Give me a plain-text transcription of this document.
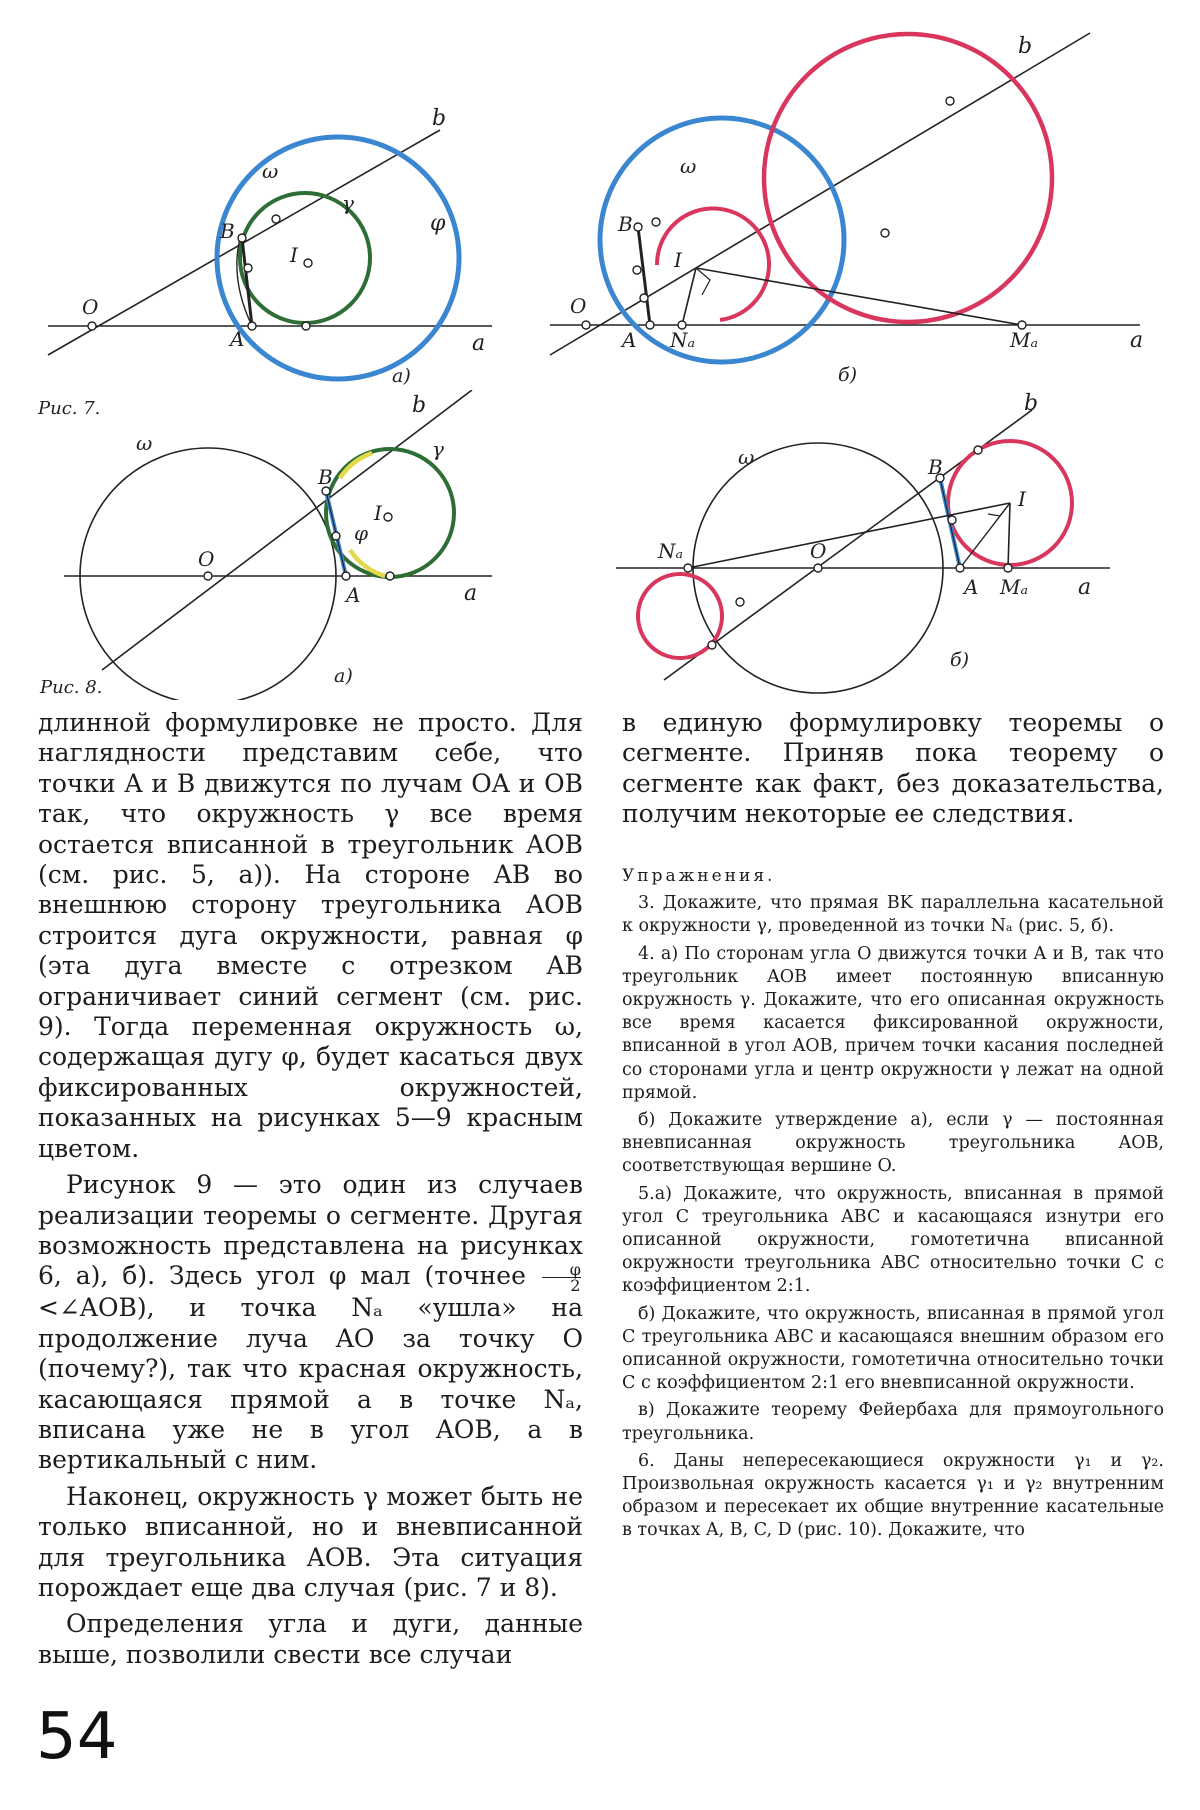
b
ω
γ
φ
B
I
O
A	a
а)
Рис. 7.
b
ω
B
I
O
A Nₐ	Mₐ	a
б)
b
ω	γ
φ
B
I
O
A	a
а)
Рис. 8.
b
ω	B
I
O
Nₐ
A Mₐ a
б)

длинной формулировке не просто. Для наглядности представим себе, что точки A и B движутся по лучам OA и OB так, что окружность γ все время остается вписанной в треугольник AOB (см. рис. 5, а)). На стороне AB во внешнюю сторону треугольника AOB строится дуга окружности, равная φ (эта дуга вместе с отрезком AB ограничивает синий сегмент (см. рис. 9). Тогда переменная окружность ω, содержащая дугу φ, будет касаться двух фиксированных окружностей, показанных на рисунках 5—9 красным цветом.

Рисунок 9 — это один из случаев реализации теоремы о сегменте. Другая возможность представлена на рисунках 6, а), б). Здесь угол φ мал (точнее $\frac{\varphi}{2}$
<∠AOB), и точка Nₐ «ушла» на продолжение луча AO за точку O (почему?), так что красная окружность, касающаяся прямой a в точке Nₐ, вписана уже не в угол AOB, а в вертикальный с ним.

Наконец, окружность γ может быть не только вписанной, но и вневписанной для треугольника AOB. Эта ситуация порождает еще два случая (рис. 7 и 8).

Определения угла и дуги, данные выше, позволили свести все случаи

в единую формулировку теоремы о сегменте. Приняв пока теорему о сегменте как факт, без доказательства, получим некоторые ее следствия.

Упражнения.

3. Докажите, что прямая BK параллельна касательной к окружности γ, проведенной из точки Nₐ (рис. 5, б).

4. а) По сторонам угла O движутся точки A и B, так что треугольник AOB имеет постоянную вписанную окружность γ. Докажите, что его описанная окружность все время касается фиксированной окружности, вписанной в угол AOB, причем точки касания последней со сторонами угла и центр окружности γ лежат на одной прямой.

б) Докажите утверждение а), если γ — постоянная вневписанная окружность треугольника AOB, соответствующая вершине O.

5.а) Докажите, что окружность, вписанная в прямой угол C треугольника ABC и касающаяся изнутри его описанной окружности, гомотетична вписанной окружности треугольника ABC относительно точки C с коэффициентом 2:1.

б) Докажите, что окружность, вписанная в прямой угол C треугольника ABC и касающаяся внешним образом его описанной окружности, гомотетична относительно точки C с коэффициентом 2:1 его вневписанной окружности.

в) Докажите теорему Фейербаха для прямоугольного треугольника.

6. Даны непересекающиеся окружности γ₁ и γ₂. Произвольная окружность касается γ₁ и γ₂ внутренним образом и пересекает их общие внутренние касательные в точках A, B, C, D (рис. 10). Докажите, что

54
